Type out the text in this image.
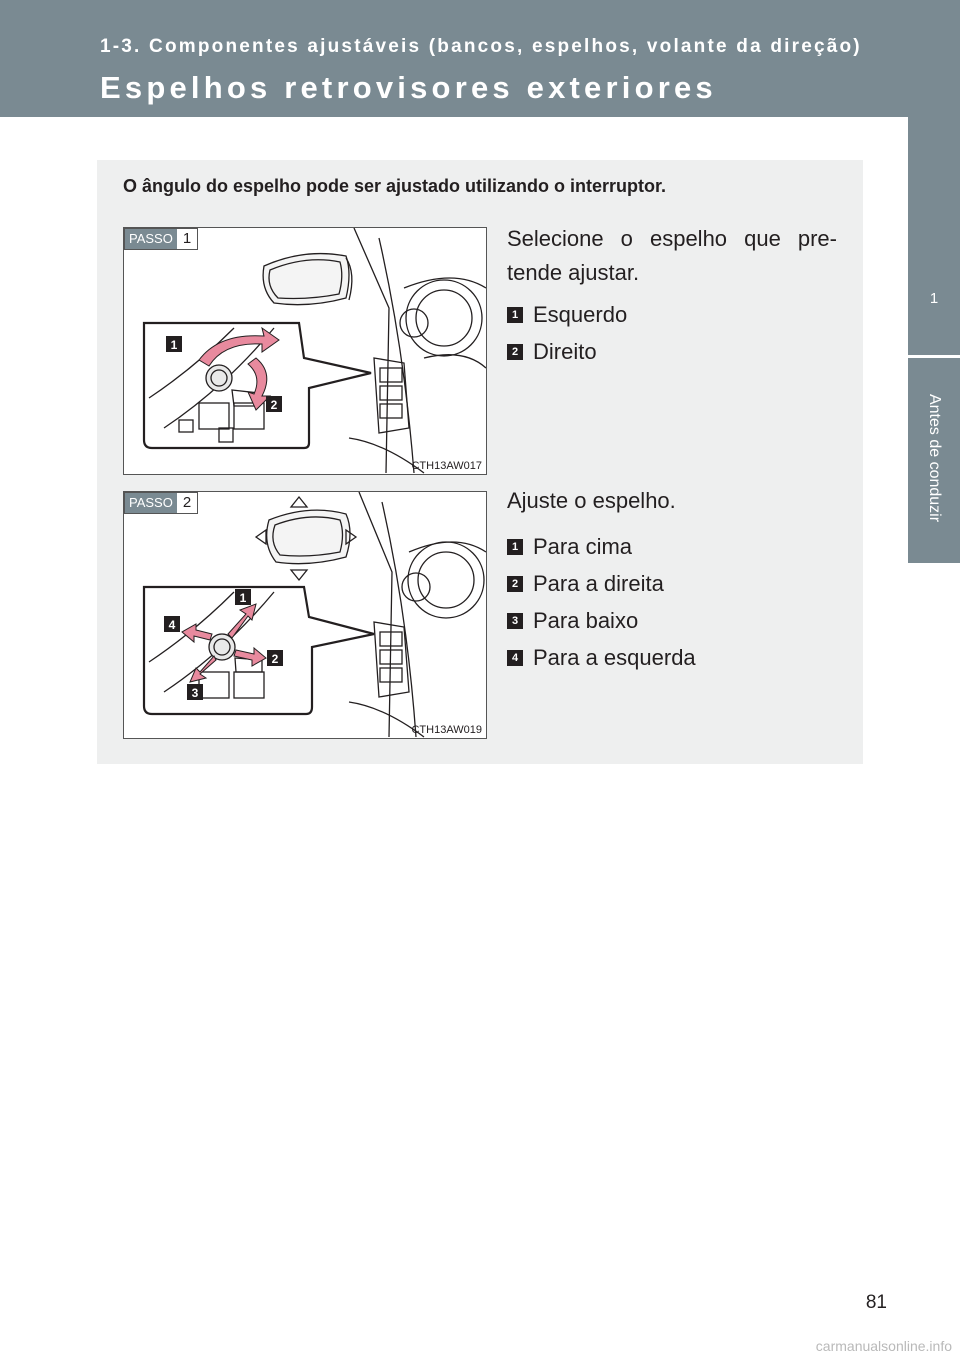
1-3. Componentes ajustáveis (bancos, espelhos, volante da direção)
Espelhos retrovisores exteriores
1
Antes de conduzir
O ângulo do espelho pode ser ajustado utilizando o interruptor.
1
2
PASSO 1
CTH13AW017
Selecione o espelho que pre-
tende ajustar.
1 Esquerdo
2 Direito
1
2
3
4
PASSO 2
CTH13AW019
Ajuste o espelho.
1 Para cima
2 Para a direita
3 Para baixo
4 Para a esquerda
81
carmanualsonline.info
